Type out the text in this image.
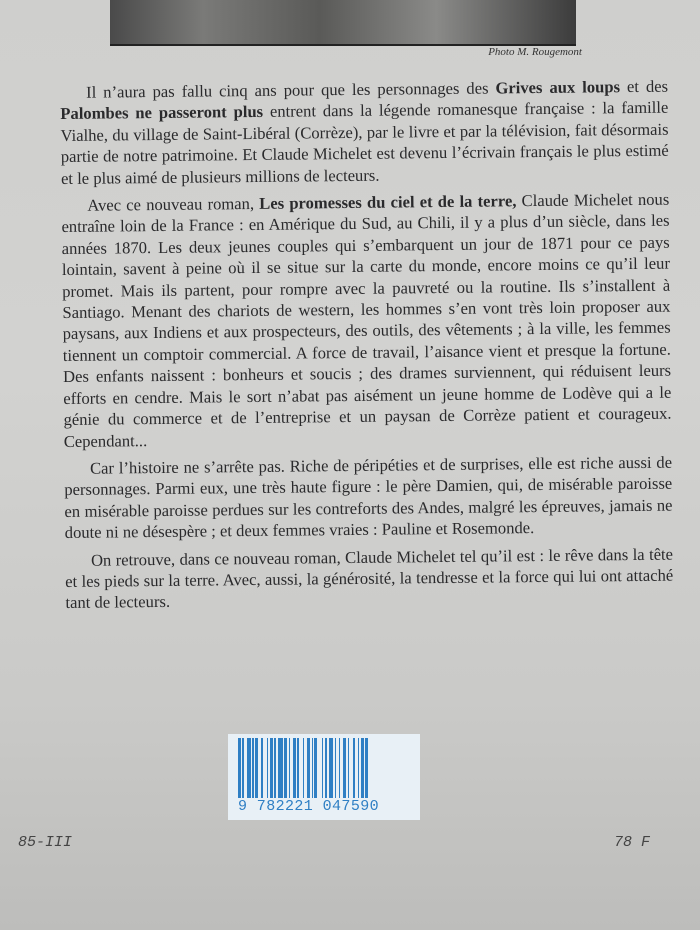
Photo M. Rougemont

Il n’aura pas fallu cinq ans pour que les personnages des Grives aux loups et des Palombes ne passeront plus entrent dans la légende romanesque française : la famille Vialhe, du village de Saint-Libéral (Corrèze), par le livre et par la télévision, fait désormais partie de notre patrimoine. Et Claude Michelet est devenu l’écrivain français le plus estimé et le plus aimé de plusieurs millions de lecteurs.

Avec ce nouveau roman, Les promesses du ciel et de la terre, Claude Michelet nous entraîne loin de la France : en Amérique du Sud, au Chili, il y a plus d’un siècle, dans les années 1870. Les deux jeunes couples qui s’embarquent un jour de 1871 pour ce pays lointain, savent à peine où il se situe sur la carte du monde, encore moins ce qu’il leur promet. Mais ils partent, pour rompre avec la pauvreté ou la routine. Ils s’installent à Santiago. Menant des chariots de western, les hommes s’en vont très loin proposer aux paysans, aux Indiens et aux prospecteurs, des outils, des vêtements ; à la ville, les femmes tiennent un comptoir commercial. A force de travail, l’aisance vient et presque la fortune. Des enfants naissent : bonheurs et soucis ; des drames surviennent, qui réduisent leurs efforts en cendre. Mais le sort n’abat pas aisément un jeune homme de Lodève qui a le génie du commerce et de l’entreprise et un paysan de Corrèze patient et courageux. Cependant...

Car l’histoire ne s’arrête pas. Riche de péripéties et de surprises, elle est riche aussi de personnages. Parmi eux, une très haute figure : le père Damien, qui, de misérable paroisse en misérable paroisse perdues sur les contreforts des Andes, malgré les épreuves, jamais ne doute ni ne désespère ; et deux femmes vraies : Pauline et Rosemonde.

On retrouve, dans ce nouveau roman, Claude Michelet tel qu’il est : le rêve dans la tête et les pieds sur la terre. Avec, aussi, la générosité, la tendresse et la force qui lui ont attaché tant de lecteurs.

9 782221 047590
85-III	78 F
